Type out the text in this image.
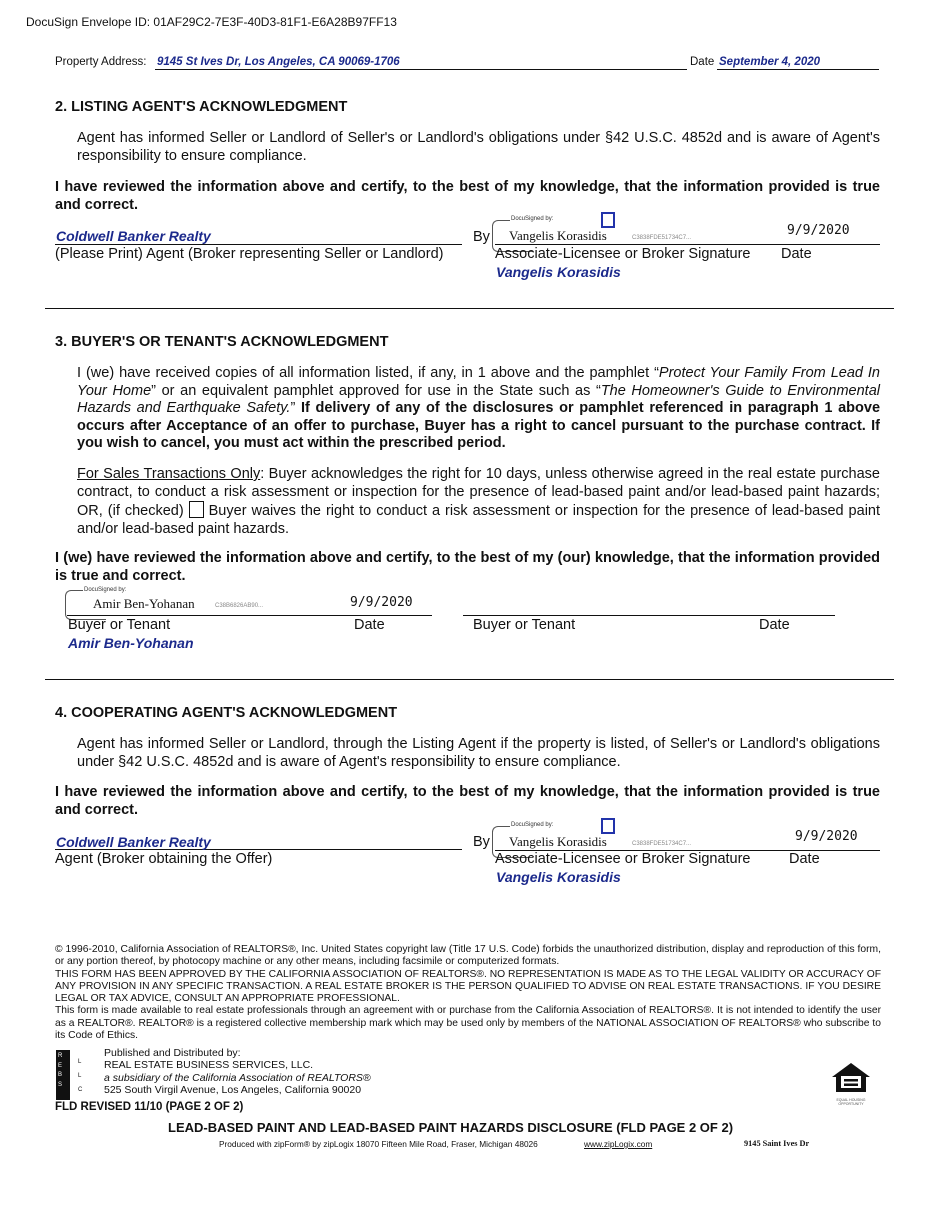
DocuSign Envelope ID: 01AF29C2-7E3F-40D3-81F1-E6A28B97FF13
Property Address: 9145 St Ives Dr, Los Angeles, CA 90069-1706	Date September 4, 2020
2. LISTING AGENT'S ACKNOWLEDGMENT
Agent has informed Seller or Landlord of Seller's or Landlord's obligations under §42 U.S.C. 4852d and is aware of Agent's responsibility to ensure compliance.
I have reviewed the information above and certify, to the best of my knowledge, that the information provided is true and correct.
Coldwell Banker Realty
(Please Print) Agent (Broker representing Seller or Landlord)
By
DocuSigned by:
Vangelis Korasidis	C3838FDE51734C7...	9/9/2020
Associate-Licensee or Broker Signature Date
Vangelis Korasidis
3. BUYER'S OR TENANT'S ACKNOWLEDGMENT
I (we) have received copies of all information listed, if any, in 1 above and the pamphlet “Protect Your Family From Lead In Your Home” or an equivalent pamphlet approved for use in the State such as “The Homeowner's Guide to Environmental Hazards and Earthquake Safety.” If delivery of any of the disclosures or pamphlet referenced in paragraph 1 above occurs after Acceptance of an offer to purchase, Buyer has a right to cancel pursuant to the purchase contract. If you wish to cancel, you must act within the prescribed period.
For Sales Transactions Only: Buyer acknowledges the right for 10 days, unless otherwise agreed in the real estate purchase contract, to conduct a risk assessment or inspection for the presence of lead-based paint and/or lead-based paint hazards; OR, (if checked)  Buyer waives the right to conduct a risk assessment or inspection for the presence of lead-based paint and/or lead-based paint hazards.
I (we) have reviewed the information above and certify, to the best of my (our) knowledge, that the information provided is true and correct.
DocuSigned by:
Amir Ben-Yohanan	C38B6826AB90...	9/9/2020
Buyer or Tenant	Date	Buyer or Tenant	Date
Amir Ben-Yohanan
4. COOPERATING AGENT'S ACKNOWLEDGMENT
Agent has informed Seller or Landlord, through the Listing Agent if the property is listed, of Seller's or Landlord's obligations under §42 U.S.C. 4852d and is aware of Agent's responsibility to ensure compliance.
I have reviewed the information above and certify, to the best of my knowledge, that the information provided is true and correct.
Coldwell Banker Realty
Agent (Broker obtaining the Offer)
By
DocuSigned by:
Vangelis Korasidis	C3838FDE51734C7...	9/9/2020
Associate-Licensee or Broker Signature	Date
Vangelis Korasidis
© 1996-2010, California Association of REALTORS®, Inc. United States copyright law (Title 17 U.S. Code) forbids the unauthorized distribution, display and reproduction of this form, or any portion thereof, by photocopy machine or any other means, including facsimile or computerized formats.
THIS FORM HAS BEEN APPROVED BY THE CALIFORNIA ASSOCIATION OF REALTORS®. NO REPRESENTATION IS MADE AS TO THE LEGAL VALIDITY OR ACCURACY OF ANY PROVISION IN ANY SPECIFIC TRANSACTION. A REAL ESTATE BROKER IS THE PERSON QUALIFIED TO ADVISE ON REAL ESTATE TRANSACTIONS. IF YOU DESIRE LEGAL OR TAX ADVICE, CONSULT AN APPROPRIATE PROFESSIONAL.
This form is made available to real estate professionals through an agreement with or purchase from the California Association of REALTORS®. It is not intended to identify the user as a REALTOR®. REALTOR® is a registered collective membership mark which may be used only by members of the NATIONAL ASSOCIATION OF REALTORS® who subscribe to its Code of Ethics.
R
E
B
S
L
L
C
Published and Distributed by:
REAL ESTATE BUSINESS SERVICES, LLC.
a subsidiary of the California Association of REALTORS®
525 South Virgil Avenue, Los Angeles, California 90020
FLD REVISED 11/10 (PAGE 2 OF 2)
EQUAL HOUSING OPPORTUNITY
LEAD-BASED PAINT AND LEAD-BASED PAINT HAZARDS DISCLOSURE (FLD PAGE 2 OF 2)
Produced with zipForm® by zipLogix 18070 Fifteen Mile Road, Fraser, Michigan 48026	www.zipLogix.com	9145 Saint Ives Dr
